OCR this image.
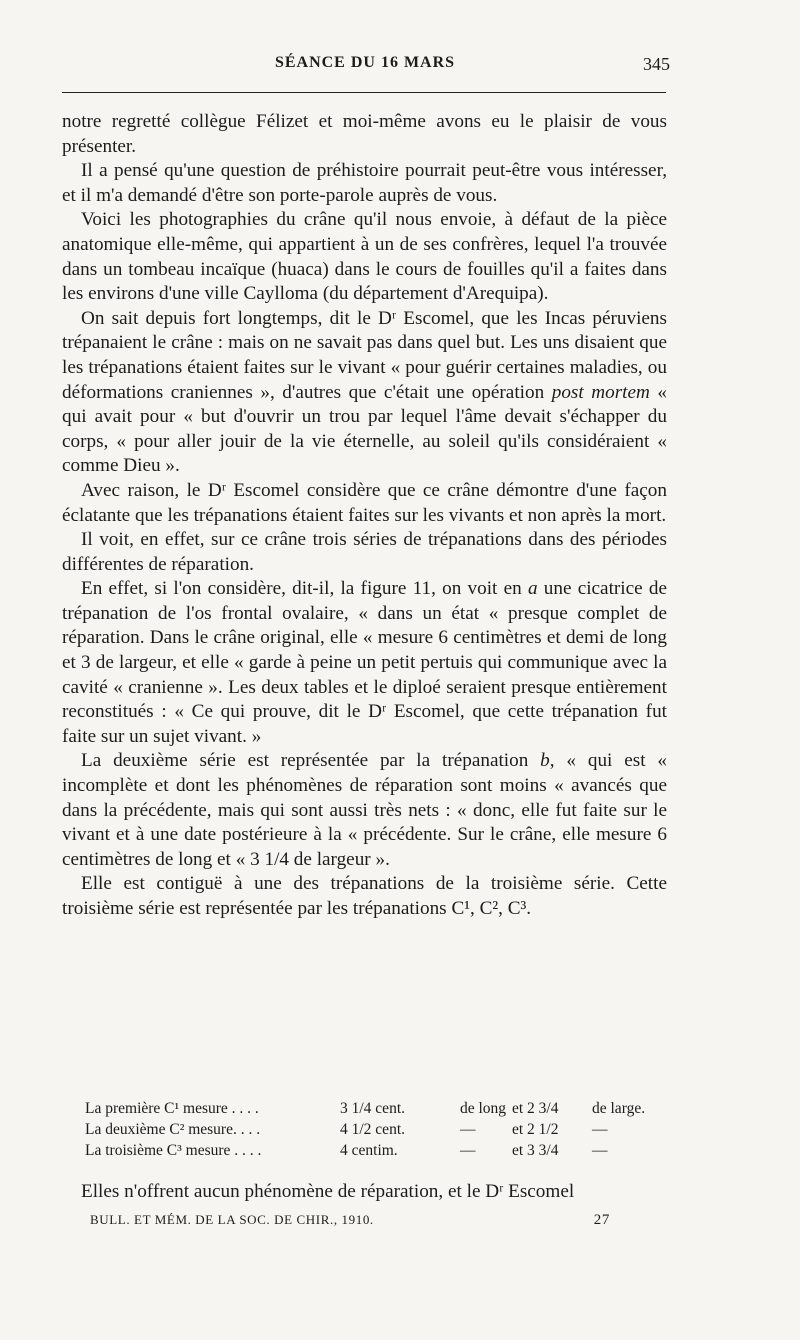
SÉANCE DU 16 MARS	345

notre regretté collègue Félizet et moi-même avons eu le plaisir de vous présenter.

Il a pensé qu'une question de préhistoire pourrait peut-être vous intéresser, et il m'a demandé d'être son porte-parole auprès de vous.

Voici les photographies du crâne qu'il nous envoie, à défaut de la pièce anatomique elle-même, qui appartient à un de ses confrères, lequel l'a trouvée dans un tombeau incaïque (huaca) dans le cours de fouilles qu'il a faites dans les environs d'une ville Caylloma (du département d'Arequipa).

On sait depuis fort longtemps, dit le Dʳ Escomel, que les Incas péruviens trépanaient le crâne : mais on ne savait pas dans quel but. Les uns disaient que les trépanations étaient faites sur le vivant « pour guérir certaines maladies, ou déformations craniennes », d'autres que c'était une opération post mortem « qui avait pour « but d'ouvrir un trou par lequel l'âme devait s'échapper du corps, « pour aller jouir de la vie éternelle, au soleil qu'ils considéraient « comme Dieu ».

Avec raison, le Dʳ Escomel considère que ce crâne démontre d'une façon éclatante que les trépanations étaient faites sur les vivants et non après la mort.

Il voit, en effet, sur ce crâne trois séries de trépanations dans des périodes différentes de réparation.

En effet, si l'on considère, dit-il, la figure 11, on voit en a une cicatrice de trépanation de l'os frontal ovalaire, « dans un état « presque complet de réparation. Dans le crâne original, elle « mesure 6 centimètres et demi de long et 3 de largeur, et elle « garde à peine un petit pertuis qui communique avec la cavité « cranienne ». Les deux tables et le diploé seraient presque entièrement reconstitués : « Ce qui prouve, dit le Dʳ Escomel, que cette trépanation fut faite sur un sujet vivant. »

La deuxième série est représentée par la trépanation b, « qui est « incomplète et dont les phénomènes de réparation sont moins « avancés que dans la précédente, mais qui sont aussi très nets : « donc, elle fut faite sur le vivant et à une date postérieure à la « précédente. Sur le crâne, elle mesure 6 centimètres de long et « 3 1/4 de largeur ».

Elle est contiguë à une des trépanations de la troisième série. Cette troisième série est représentée par les trépanations C¹, C², C³.

La première C¹ mesure . . . .	3 1/4 cent.	de long	et 2 3/4	de large.
La deuxième C² mesure. . . .	4 1/2 cent.	—	et 2 1/2	—
La troisième C³ mesure . . . .	4 centim.	—	et 3 3/4	—
Elles n'offrent aucun phénomène de réparation, et le Dʳ Escomel
BULL. ET MÉM. DE LA SOC. DE CHIR., 1910.	27
